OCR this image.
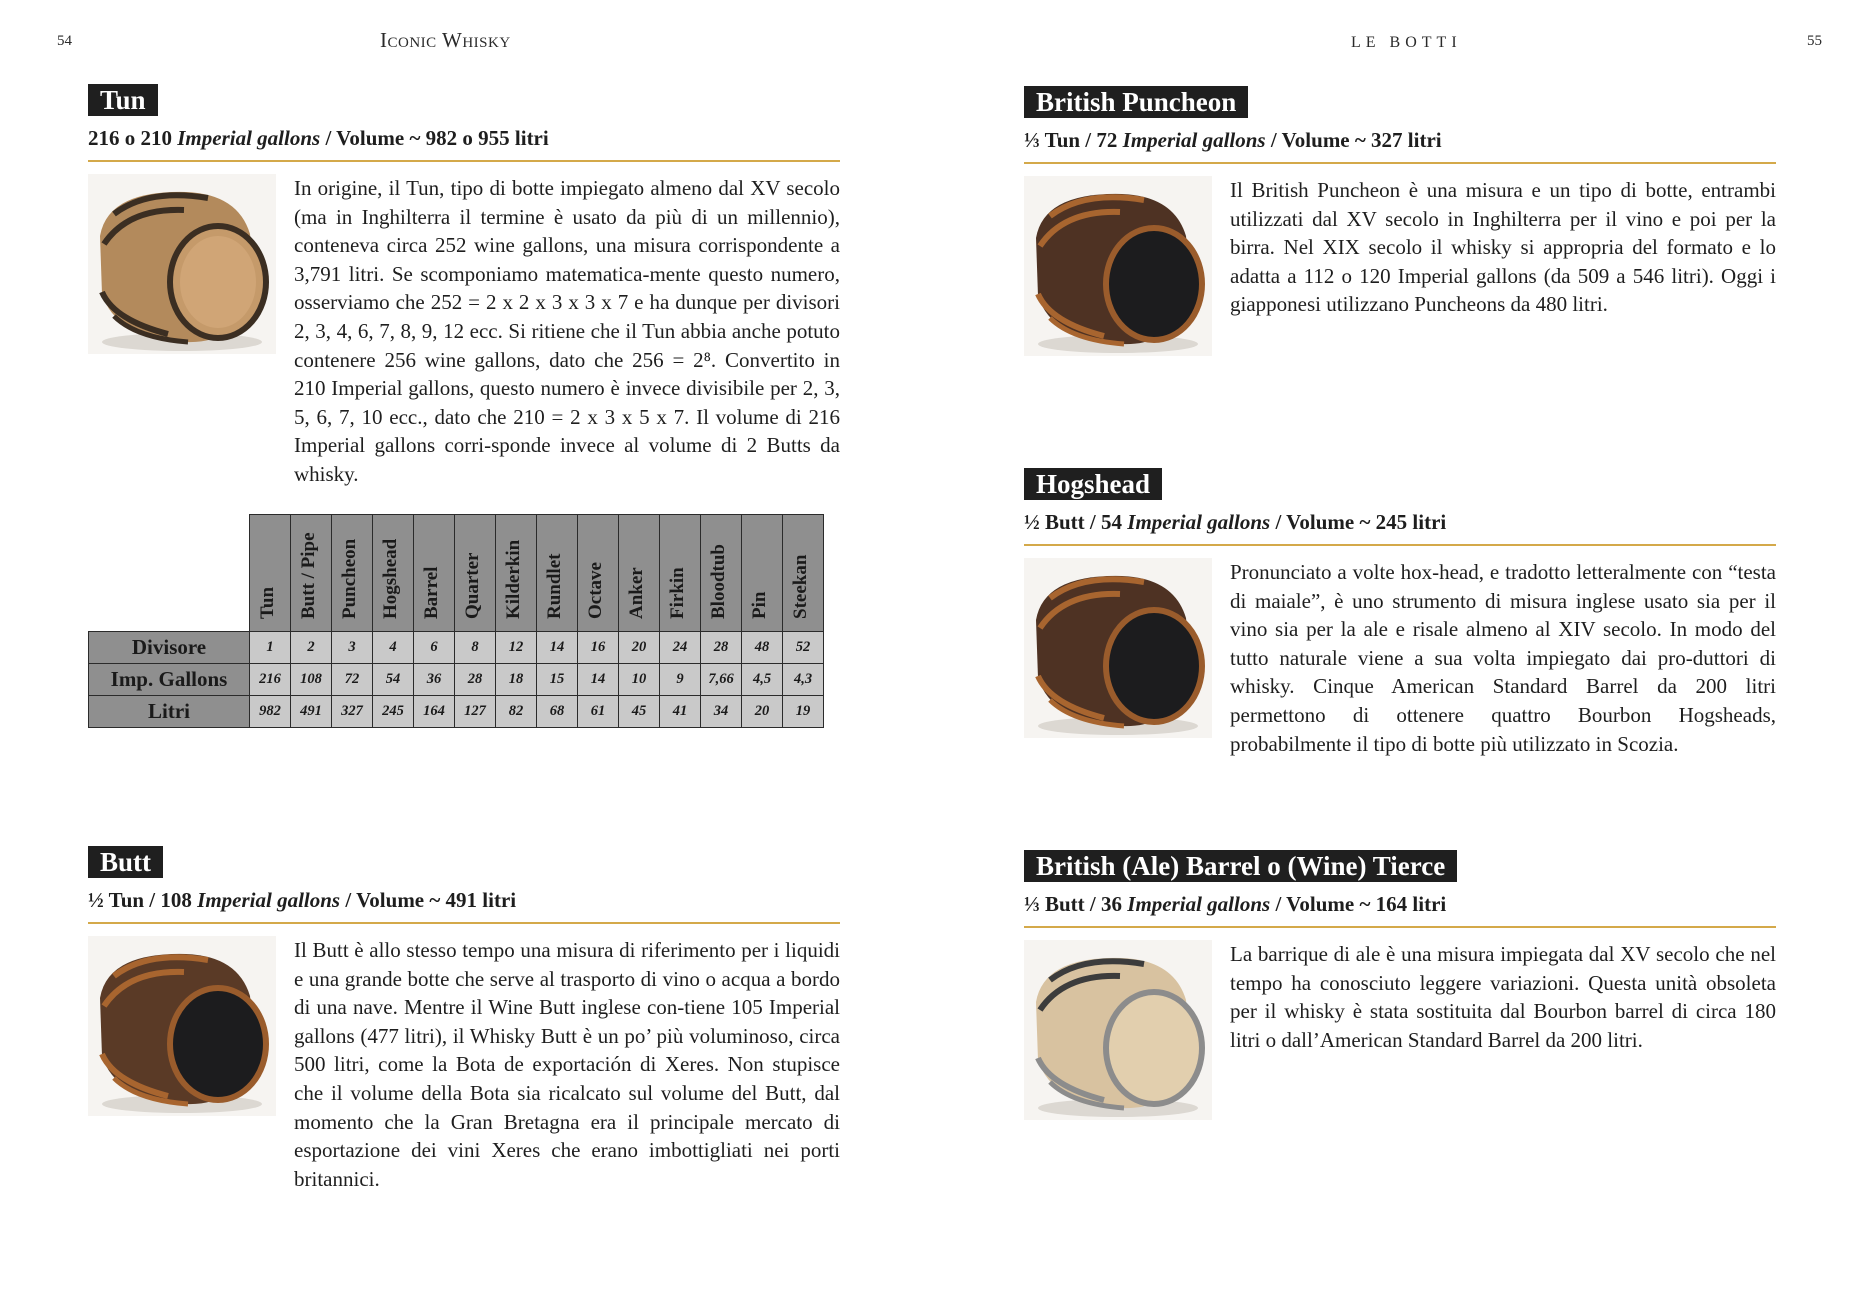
54	Iconic Whisky
Tun
216 o 210 Imperial gallons / Volume ~ 982 o 955 litri

In origine, il Tun, tipo di botte impiegato almeno dal XV secolo (ma in Inghilterra il termine è usato da più di un millennio), conteneva circa 252 wine gallons, una misura corrispondente a 3,791 litri. Se scomponiamo matematica-mente questo numero, osserviamo che 252 = 2 x 2 x 3 x 3 x 7 e ha dunque per divisori 2, 3, 4, 6, 7, 8, 9, 12 ecc. Si ritiene che il Tun abbia anche potuto contenere 256 wine gallons, dato che 256 = 2⁸. Convertito in 210 Imperial gallons, questo numero è invece divisibile per 2, 3, 5, 6, 7, 10 ecc., dato che 210 = 2 x 3 x 5 x 7. Il volume di 216 Imperial gallons corri-sponde invece al volume di 2 Butts da whisky.

	Tun	Butt / Pipe	Puncheon	Hogshead	Barrel	Quarter	Kilderkin	Rundlet	Octave	Anker	Firkin	Bloodtub	Pin	Steekan

Divisore	1	2	3	4	6	8	12	14	16	20	24	28	48	52
Imp. Gallons	216	108	72	54	36	28	18	15	14	10	9	7,66	4,5	4,3
Litri	982	491	327	245	164	127	82	68	61	45	41	34	20	19
Butt
½ Tun / 108 Imperial gallons / Volume ~ 491 litri

Il Butt è allo stesso tempo una misura di riferimento per i liquidi e una grande botte che serve al trasporto di vino o acqua a bordo di una nave. Mentre il Wine Butt inglese con-tiene 105 Imperial gallons (477 litri), il Whisky Butt è un po’ più voluminoso, circa 500 litri, come la Bota de exportación di Xeres. Non stupisce che il volume della Bota sia ricalcato sul volume del Butt, dal momento che la Gran Bretagna era il principale mercato di esportazione dei vini Xeres che erano imbottigliati nei porti britannici.

LE BOTTI	55
British Puncheon
⅓ Tun / 72 Imperial gallons / Volume ~ 327 litri

Il British Puncheon è una misura e un tipo di botte, entrambi utilizzati dal XV secolo in Inghilterra per il vino e poi per la birra. Nel XIX secolo il whisky si appropria del formato e lo adatta a 112 o 120 Imperial gallons (da 509 a 546 litri). Oggi i giapponesi utilizzano Puncheons da 480 litri.

Hogshead
½ Butt / 54 Imperial gallons / Volume ~ 245 litri

Pronunciato a volte hox-head, e tradotto letteralmente con “testa di maiale”, è uno strumento di misura inglese usato sia per il vino sia per la ale e risale almeno al XIV secolo. In modo del tutto naturale viene a sua volta impiegato dai pro-duttori di whisky. Cinque American Standard Barrel da 200 litri permettono di ottenere quattro Bourbon Hogsheads, probabilmente il tipo di botte più utilizzato in Scozia.

British (Ale) Barrel o (Wine) Tierce
⅓ Butt / 36 Imperial gallons / Volume ~ 164 litri

La barrique di ale è una misura impiegata dal XV secolo che nel tempo ha conosciuto leggere variazioni. Questa unità obsoleta per il whisky è stata sostituita dal Bourbon barrel di circa 180 litri o dall’American Standard Barrel da 200 litri.
